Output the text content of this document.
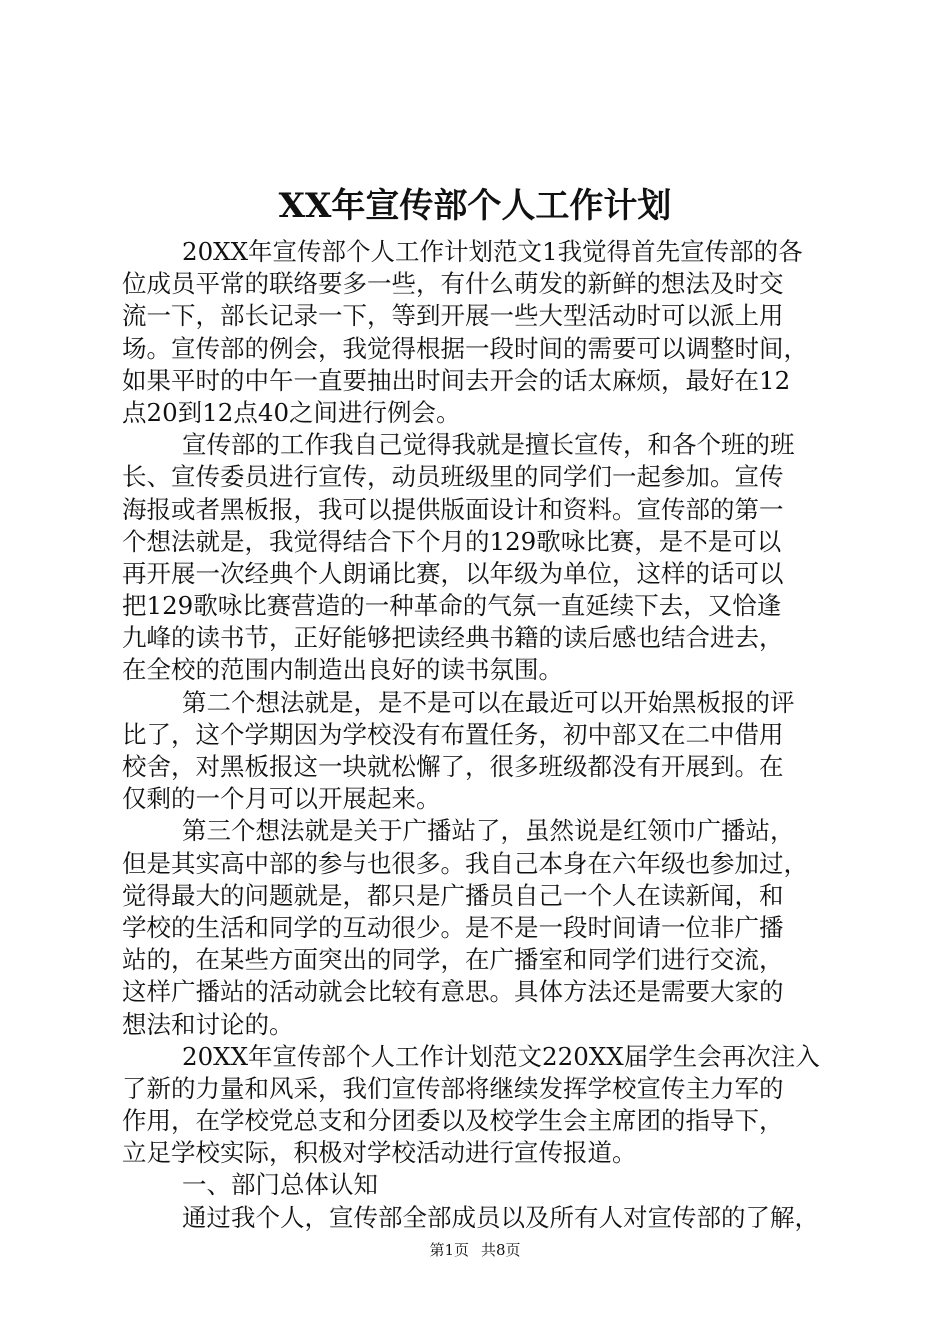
XX年宣传部个人工作计划
20XX年宣传部个人工作计划范文1我觉得首先宣传部的各
位成员平常的联络要多一些，有什么萌发的新鲜的想法及时交
流一下，部长记录一下，等到开展一些大型活动时可以派上用
场。宣传部的例会，我觉得根据一段时间的需要可以调整时间，
如果平时的中午一直要抽出时间去开会的话太麻烦，最好在12
点20到12点40之间进行例会。
宣传部的工作我自己觉得我就是擅长宣传，和各个班的班
长、宣传委员进行宣传，动员班级里的同学们一起参加。宣传
海报或者黑板报，我可以提供版面设计和资料。宣传部的第一
个想法就是，我觉得结合下个月的129歌咏比赛，是不是可以
再开展一次经典个人朗诵比赛，以年级为单位，这样的话可以
把129歌咏比赛营造的一种革命的气氛一直延续下去，又恰逢
九峰的读书节，正好能够把读经典书籍的读后感也结合进去，
在全校的范围内制造出良好的读书氛围。
第二个想法就是，是不是可以在最近可以开始黑板报的评
比了，这个学期因为学校没有布置任务，初中部又在二中借用
校舍，对黑板报这一块就松懈了，很多班级都没有开展到。在
仅剩的一个月可以开展起来。
第三个想法就是关于广播站了，虽然说是红领巾广播站，
但是其实高中部的参与也很多。我自己本身在六年级也参加过，
觉得最大的问题就是，都只是广播员自己一个人在读新闻，和
学校的生活和同学的互动很少。是不是一段时间请一位非广播
站的，在某些方面突出的同学，在广播室和同学们进行交流，
这样广播站的活动就会比较有意思。具体方法还是需要大家的
想法和讨论的。
20XX年宣传部个人工作计划范文220XX届学生会再次注入
了新的力量和风采，我们宣传部将继续发挥学校宣传主力军的
作用，在学校党总支和分团委以及校学生会主席团的指导下，
立足学校实际，积极对学校活动进行宣传报道。
一、部门总体认知
通过我个人，宣传部全部成员以及所有人对宣传部的了解，
第1页 共8页
